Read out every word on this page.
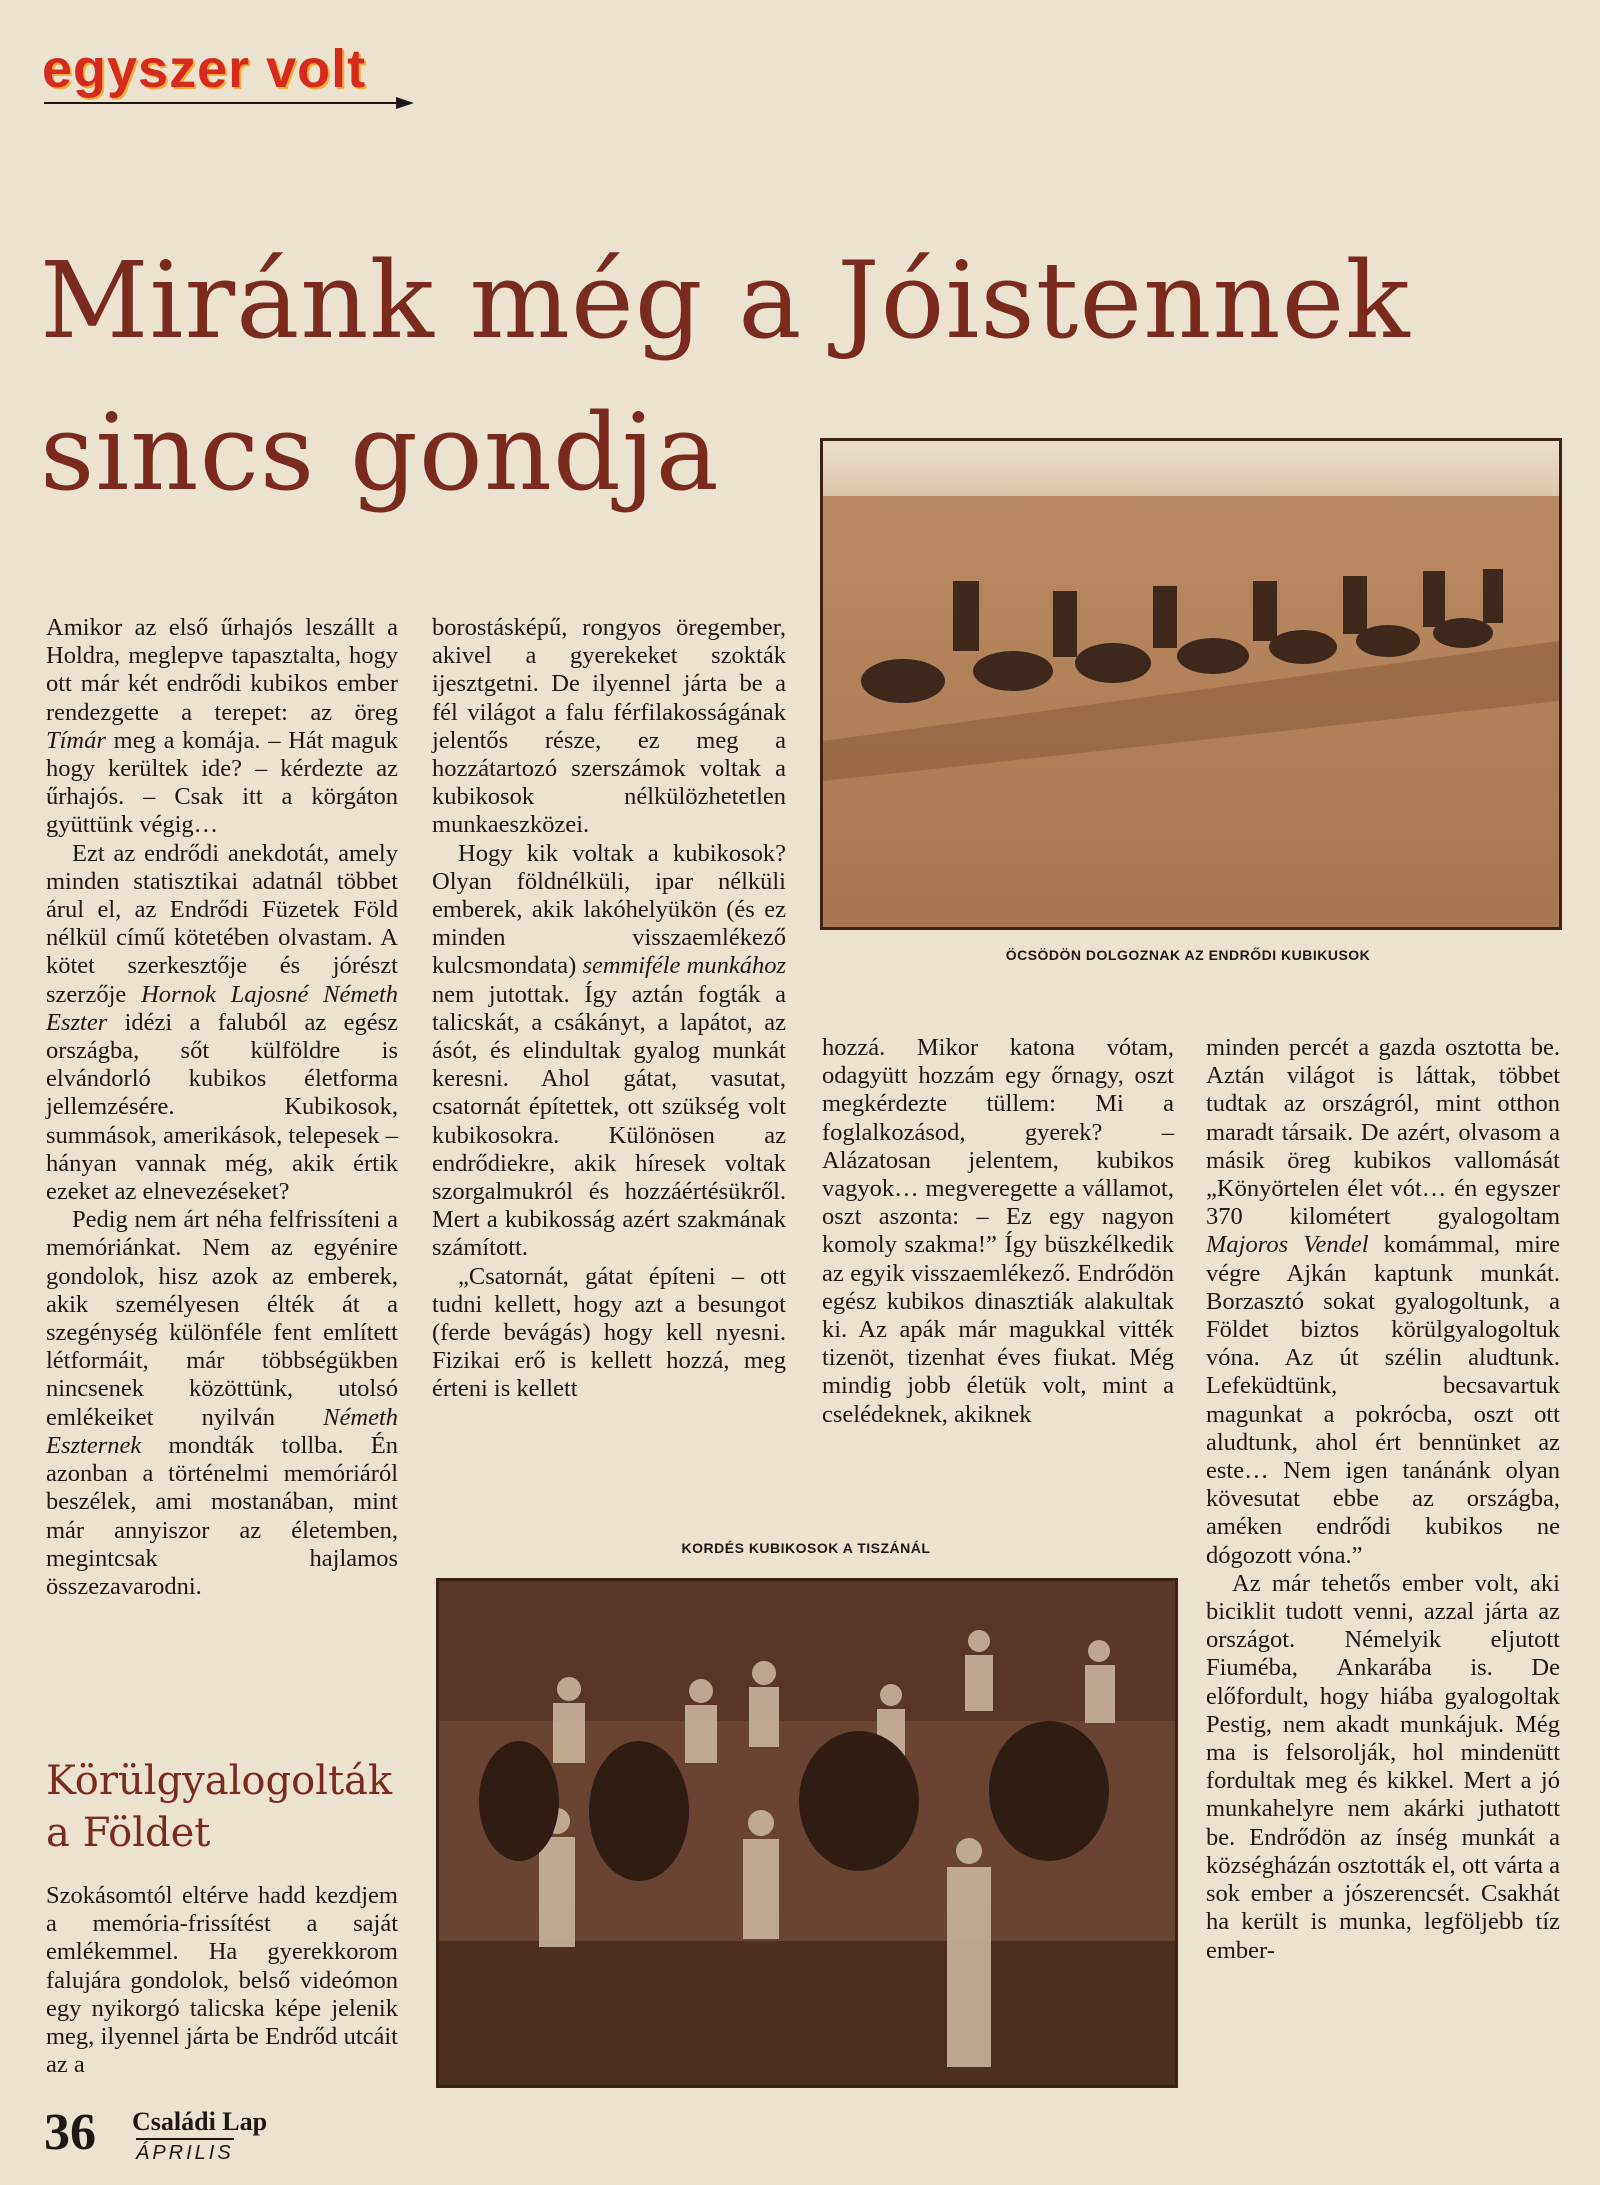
egyszer volt
Miránk még a Jóistennek
sincs gondja
ÖCSÖDÖN DOLGOZNAK AZ ENDRŐDI KUBIKUSOK

Amikor az első űrhajós leszállt a Holdra, meglepve tapasztalta, hogy ott már két endrődi kubikos ember rendezgette a terepet: az öreg Tímár meg a komája. – Hát maguk hogy kerültek ide? – kérdezte az űrhajós. – Csak itt a körgáton gyüttünk végig…

Ezt az endrődi anekdotát, amely minden statisztikai adatnál többet árul el, az Endrődi Füzetek Föld nélkül című kötetében olvastam. A kötet szerkesztője és jórészt szerzője Hornok Lajosné Németh Eszter idézi a faluból az egész országba, sőt külföldre is elvándorló kubikos életforma jellemzésére. Kubikosok, summások, amerikások, telepesek – hányan vannak még, akik értik ezeket az elnevezéseket?

Pedig nem árt néha felfrissíteni a memóriánkat. Nem az egyénire gondolok, hisz azok az emberek, akik személyesen élték át a szegénység különféle fent említett létformáit, már többségükben nincsenek közöttünk, utolsó emlékeiket nyilván Németh Eszternek mondták tollba. Én azonban a történelmi memóriáról beszélek, ami mostanában, mint már annyiszor az életemben, megintcsak hajlamos összezavarodni.

Körülgyalogolták a Földet

Szokásomtól eltérve hadd kezdjem a memória-frissítést a saját emlékemmel. Ha gyerekkorom falujára gondolok, belső videómon egy nyikorgó talicska képe jelenik meg, ilyennel járta be Endrőd utcáit az a

borostásképű, rongyos öregember, akivel a gyerekeket szokták ijesztgetni. De ilyennel járta be a fél világot a falu férfilakosságának jelentős része, ez meg a hozzátartozó szerszámok voltak a kubikosok nélkülözhetetlen munkaeszközei.

Hogy kik voltak a kubikosok? Olyan földnélküli, ipar nélküli emberek, akik lakóhelyükön (és ez minden visszaemlékező kulcsmondata) semmiféle munkához nem jutottak. Így aztán fogták a talicskát, a csákányt, a lapátot, az ásót, és elindultak gyalog munkát keresni. Ahol gátat, vasutat, csatornát építettek, ott szükség volt kubikosokra. Különösen az endrődiekre, akik híresek voltak szorgalmukról és hozzáértésükről. Mert a kubikosság azért szakmának számított.

„Csatornát, gátat építeni – ott tudni kellett, hogy azt a besungot (ferde bevágás) hogy kell nyesni. Fizikai erő is kellett hozzá, meg érteni is kellett

hozzá. Mikor katona vótam, odagyütt hozzám egy őrnagy, oszt megkérdezte tüllem: Mi a foglalkozásod, gyerek? – Alázatosan jelentem, kubikos vagyok… megveregette a vállamot, oszt aszonta: – Ez egy nagyon komoly szakma!” Így büszkélkedik az egyik visszaemlékező. Endrődön egész kubikos dinasztiák alakultak ki. Az apák már magukkal vitték tizenöt, tizenhat éves fiukat. Még mindig jobb életük volt, mint a cselédeknek, akiknek

minden percét a gazda osztotta be. Aztán világot is láttak, többet tudtak az országról, mint otthon maradt társaik. De azért, olvasom a másik öreg kubikos vallomását „Könyörtelen élet vót… én egyszer 370 kilométert gyalogoltam Majoros Vendel komámmal, mire végre Ajkán kaptunk munkát. Borzasztó sokat gyalogoltunk, a Földet biztos körülgyalogoltuk vóna. Az út szélin aludtunk. Lefeküdtünk, becsavartuk magunkat a pokrócba, oszt ott aludtunk, ahol ért bennünket az este… Nem igen tanánánk olyan kövesutat ebbe az országba, améken endrődi kubikos ne dógozott vóna.”

Az már tehetős ember volt, aki biciklit tudott venni, azzal járta az országot. Némelyik eljutott Fiumébа, Ankarába is. De előfordult, hogy hiába gyalogoltak Pestig, nem akadt munkájuk. Még ma is felsorolják, hol mindenütt fordultak meg és kikkel. Mert a jó munkahelyre nem akárki juthatott be. Endrődön az ínség munkát a községházán osztották el, ott várta a sok ember a jószerencsét. Csakhát ha került is munka, legföljebb tíz ember-

KORDÉS KUBIKOSOK A TISZÁNÁL
36 Családi Lap
ÁPRILIS
